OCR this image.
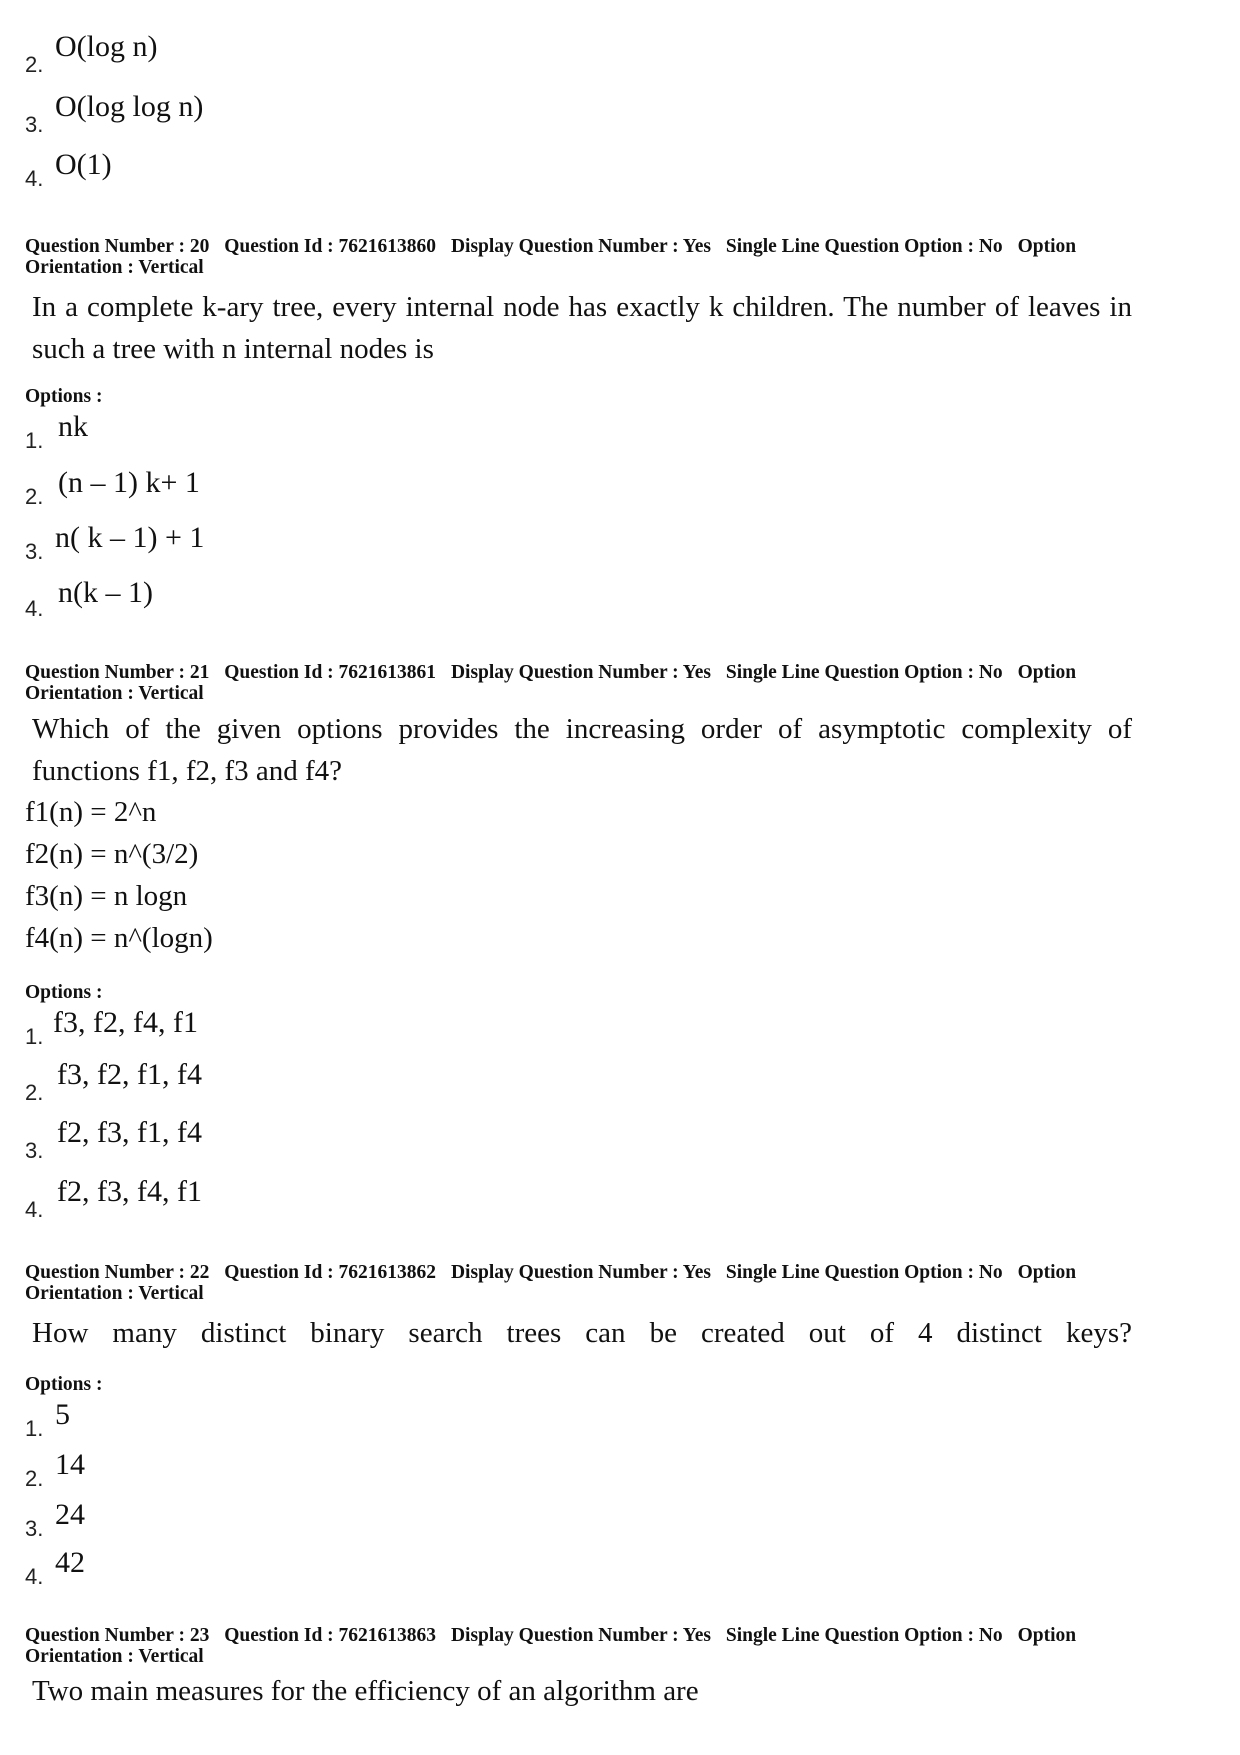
2.
O(log n)
3.
O(log log n)
4. O(1)
Question Number : 20 Question Id : 7621613860 Display Question Number : Yes Single Line Question Option : No Option
Orientation : Vertical
In a complete k-ary tree, every internal node has exactly k children. The number of leaves in such a tree with n internal nodes is
Options :
1. nk
2. (n – 1) k+ 1
3. n( k – 1) + 1
4. n(k – 1)
Question Number : 21 Question Id : 7621613861 Display Question Number : Yes Single Line Question Option : No Option
Orientation : Vertical
Which of the given options provides the increasing order of asymptotic complexity of functions f1, f2, f3 and f4?
f1(n) = 2^n
f2(n) = n^(3/2)
f3(n) = n logn
f4(n) = n^(logn)
Options :
1. f3, f2, f4, f1
2.
f3, f2, f1, f4
3.
f2, f3, f1, f4
4.
f2, f3, f4, f1
Question Number : 22 Question Id : 7621613862 Display Question Number : Yes Single Line Question Option : No Option
Orientation : Vertical
How many distinct binary search trees can be created out of 4 distinct keys?
Options :
1. 5
2. 14
3. 24
4. 42
Question Number : 23 Question Id : 7621613863 Display Question Number : Yes Single Line Question Option : No Option
Orientation : Vertical
Two main measures for the efficiency of an algorithm are
